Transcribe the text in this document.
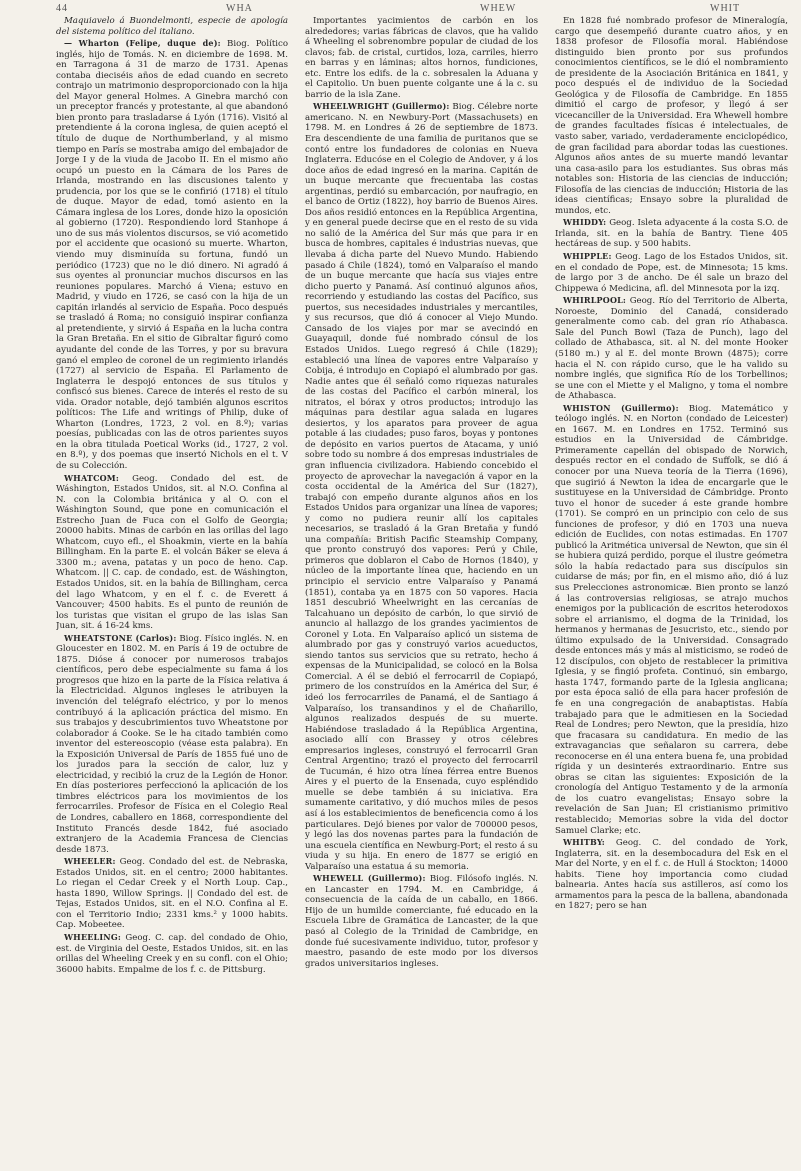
44	WHA	WHEW	WHIT

Maquiavelo á Buondelmonti, especie de apología del sistema político del italiano.

— Wharton (Felipe, duque de): Biog. Político inglés, hijo de Tomás. N. en diciembre de 1698. M. en Tarragona á 31 de marzo de 1731. Apenas contaba dieciséis años de edad cuando en secreto contrajo un matrimonio desproporcionado con la hija del Mayor general Holmes. A Ginebra marchó con un preceptor francés y protestante, al que abandonó bien pronto para trasladarse á Lyón (1716). Visitó al pretendiente á la corona inglesa, de quien aceptó el título de duque de Northumberland, y al mismo tiempo en París se mostraba amigo del embajador de Jorge I y de la viuda de Jacobo II. En el mismo año ocupó un puesto en la Cámara de los Pares de Irlanda, mostrando en las discusiones talento y prudencia, por los que se le confirió (1718) el título de duque. Mayor de edad, tomó asiento en la Cámara inglesa de los Lores, donde hizo la oposición al gobierno (1720). Respondiendo lord Stanhope á uno de sus más violentos discursos, se vió acometido por el accidente que ocasionó su muerte. Wharton, viendo muy disminuída su fortuna, fundó un periódico (1723) que no le dió dinero. Ni agradó á sus oyentes al pronunciar muchos discursos en las reuniones populares. Marchó á Viena; estuvo en Madrid, y viudo en 1726, se casó con la hija de un capitán irlandés al servicio de España. Poco después se trasladó á Roma; no consiguió inspirar confianza al pretendiente, y sirvió á España en la lucha contra la Gran Bretaña. En el sitio de Gibraltar figuró como ayudante del conde de las Torres, y por su bravura ganó el empleo de coronel de un regimiento irlandés (1727) al servicio de España. El Parlamento de Inglaterra le despojó entonces de sus títulos y confiscó sus bienes. Carece de interés el resto de su vida. Orador notable, dejó también algunos escritos políticos: The Life and writings of Philip, duke of Wharton (Londres, 1723, 2 vol. en 8.º); varias poesías, publicadas con las de otros parientes suyos en la obra titulada Poetical Works (id., 1727, 2 vol. en 8.º), y dos poemas que insertó Nichols en el t. V de su Colección.

WHATCOM: Geog. Condado del est. de Wáshington, Estados Unidos, sit. al N.O. Confina al N. con la Colombia británica y al O. con el Wáshington Sound, que pone en comunicación el Estrecho Juan de Fuca con el Golfo de Georgia; 20000 habits. Minas de carbón en las orillas del lago Whatcom, cuyo efl., el Shoakmin, vierte en la bahía Billingham. En la parte E. el volcán Báker se eleva á 3300 m.; avena, patatas y un poco de heno. Cap. Whatcom. || C. cap. de condado, est. de Wáshington, Estados Unidos, sit. en la bahía de Billingham, cerca del lago Whatcom, y en el f. c. de Everett á Vancouver; 4500 habits. Es el punto de reunión de los turistas que visitan el grupo de las islas San Juan, sit. á 16-24 kms.

WHEATSTONE (Carlos): Biog. Físico inglés. N. en Gloucester en 1802. M. en París á 19 de octubre de 1875. Dióse á conocer por numerosos trabajos científicos, pero debe especialmente su fama á los progresos que hizo en la parte de la Física relativa á la Electricidad. Algunos ingleses le atribuyen la invención del telégrafo eléctrico, y por lo menos contribuyó á la aplicación práctica del mismo. En sus trabajos y descubrimientos tuvo Wheatstone por colaborador á Cooke. Se le ha citado también como inventor del estereoscopio (véase esta palabra). En la Exposición Universal de París de 1855 fué uno de los jurados para la sección de calor, luz y electricidad, y recibió la cruz de la Legión de Honor. En días posteriores perfeccionó la aplicación de los timbres eléctricos para los movimientos de los ferrocarriles. Profesor de Física en el Colegio Real de Londres, caballero en 1868, correspondiente del Instituto Francés desde 1842, fué asociado extranjero de la Academia Francesa de Ciencias desde 1873.

WHEELER: Geog. Condado del est. de Nebraska, Estados Unidos, sit. en el centro; 2000 habitantes. Lo riegan el Cedar Creek y el North Loup. Cap., hasta 1890, Willow Springs. || Condado del est. de Tejas, Estados Unidos, sit. en el N.O. Confina al E. con el Territorio Indio; 2331 kms.² y 1000 habits. Cap. Mobeetee.

WHEELING: Geog. C. cap. del condado de Ohio, est. de Virginia del Oeste, Estados Unidos, sit. en las orillas del Wheeling Creek y en su confl. con el Ohio; 36000 habits. Empalme de los f. c. de Pittsburg.

Importantes yacimientos de carbón en los alrededores; varias fábricas de clavos, que ha valido á Wheeling el sobrenombre popular de ciudad de los clavos; fab. de cristal, curtidos, loza, carriles, hierro en barras y en láminas; altos hornos, fundiciones, etc. Entre los edifs. de la c. sobresalen la Aduana y el Capitolio. Un buen puente colgante une á la c. su barrio de la isla Zane.

WHEELWRIGHT (Guillermo): Biog. Célebre norte americano. N. en Newbury-Port (Massachusets) en 1798. M. en Londres á 26 de septiembre de 1873. Era descendiente de una familia de puritanos que se contó entre los fundadores de colonias en Nueva Inglaterra. Educóse en el Colegio de Andover, y á los doce años de edad ingresó en la marina. Capitán de un buque mercante que frecuentaba las costas argentinas, perdió su embarcación, por naufragio, en el banco de Ortiz (1822), hoy barrio de Buenos Aires. Dos años residió entonces en la República Argentina, y en general puede decirse que en el resto de su vida no salió de la América del Sur más que para ir en busca de hombres, capitales é industrias nuevas, que llevaba á dicha parte del Nuevo Mundo. Habiendo pasado á Chile (1824), tomó en Valparaíso el mando de un buque mercante que hacía sus viajes entre dicho puerto y Panamá. Así continuó algunos años, recorriendo y estudiando las costas del Pacífico, sus puertos, sus necesidades industriales y mercantiles, y sus recursos, que dió á conocer al Viejo Mundo. Cansado de los viajes por mar se avecindó en Guayaquil, donde fué nombrado cónsul de los Estados Unidos. Luego regresó á Chile (1829); estableció una línea de vapores entre Valparaíso y Cobija, é introdujo en Copiapó el alumbrado por gas. Nadie antes que él señaló como riquezas naturales de las costas del Pacífico el carbón mineral, los nitratos, el bórax y otros productos; introdujo las máquinas para destilar agua salada en lugares desiertos, y los aparatos para proveer de agua potable á las ciudades; puso faros, boyas y pontones de depósito en varios puertos de Atacama, y unió sobre todo su nombre á dos empresas industriales de gran influencia civilizadora. Habiendo concebido el proyecto de aprovechar la navegación á vapor en la costa occidental de la América del Sur (1827), trabajó con empeño durante algunos años en los Estados Unidos para organizar una línea de vapores; y como no pudiera reunir allí los capitales necesarios, se trasladó á la Gran Bretaña y fundó una compañía: British Pacific Steamship Company, que pronto construyó dos vapores: Perú y Chile, primeros que doblaron el Cabo de Hornos (1840), y núcleo de la importante línea que, haciendo en un principio el servicio entre Valparaíso y Panamá (1851), contaba ya en 1875 con 50 vapores. Hacia 1851 descubrió Wheelwright en las cercanías de Talcahuano un depósito de carbón, lo que sirvió de anuncio al hallazgo de los grandes yacimientos de Coronel y Lota. En Valparaíso aplicó un sistema de alumbrado por gas y construyó varios acueductos, siendo tantos sus servicios que su retrato, hecho á expensas de la Municipalidad, se colocó en la Bolsa Comercial. A él se debió el ferrocarril de Copiapó, primero de los construídos en la América del Sur, é ideó los ferrocarriles de Panamá, el de Santiago á Valparaíso, los transandinos y el de Chañarillo, algunos realizados después de su muerte. Habiéndose trasladado á la República Argentina, asociado allí con Brassey y otros célebres empresarios ingleses, construyó el ferrocarril Gran Central Argentino; trazó el proyecto del ferrocarril de Tucumán, é hizo otra línea férrea entre Buenos Aires y el puerto de la Ensenada, cuyo espléndido muelle se debe también á su iniciativa. Era sumamente caritativo, y dió muchos miles de pesos así á los establecimientos de beneficencia como á los particulares. Dejó bienes por valor de 700000 pesos, y legó las dos novenas partes para la fundación de una escuela científica en Newburg-Port; el resto á su viuda y su hija. En enero de 1877 se erigió en Valparaíso una estatua á su memoria.

WHEWELL (Guillermo): Biog. Filósofo inglés. N. en Lancaster en 1794. M. en Cambridge, á consecuencia de la caída de un caballo, en 1866. Hijo de un humilde comerciante, fué educado en la Escuela Libre de Gramática de Lancaster, de la que pasó al Colegio de la Trinidad de Cambridge, en donde fué sucesivamente individuo, tutor, profesor y maestro, pasando de este modo por los diversos grados universitarios ingleses.

En 1828 fué nombrado profesor de Mineralogía, cargo que desempeñó durante cuatro años, y en 1838 profesor de Filosofía moral. Habiéndose distinguido bien pronto por sus profundos conocimientos científicos, se le dió el nombramiento de presidente de la Asociación Británica en 1841, y poco después el de individuo de la Sociedad Geológica y de Filosofía de Cambridge. En 1855 dimitió el cargo de profesor, y llegó á ser vicecanciller de la Universidad. Era Whewell hombre de grandes facultades físicas é intelectuales, de vasto saber, variado, verdaderamente enciclopédico, de gran facilidad para abordar todas las cuestiones. Algunos años antes de su muerte mandó levantar una casa-asilo para los estudiantes. Sus obras más notables son: Historia de las ciencias de inducción; Filosofía de las ciencias de inducción; Historia de las ideas científicas; Ensayo sobre la pluralidad de mundos, etc.

WHIDDY: Geog. Isleta adyacente á la costa S.O. de Irlanda, sit. en la bahía de Bantry. Tiene 405 hectáreas de sup. y 500 habits.

WHIPPLE: Geog. Lago de los Estados Unidos, sit. en el condado de Pope, est. de Minnesota; 15 kms. de largo por 3 de ancho. De él sale un brazo del Chippewa ó Medicina, afl. del Minnesota por la izq.

WHIRLPOOL: Geog. Río del Territorio de Alberta, Noroeste, Dominio del Canadá, considerado generalmente como cab. del gran río Athabasca. Sale del Punch Bowl (Taza de Punch), lago del collado de Athabasca, sit. al N. del monte Hooker (5180 m.) y al E. del monte Brown (4875); corre hacia el N. con rápido curso, que le ha valido su nombre inglés, que significa Río de los Torbellinos; se une con el Miette y el Maligno, y toma el nombre de Athabasca.

WHISTON (Guillermo): Biog. Matemático y teólogo inglés. N. en Norton (condado de Leicester) en 1667. M. en Londres en 1752. Terminó sus estudios en la Universidad de Cámbridge. Primeramente capellán del obispado de Norwich, después rector en el condado de Suffolk, se dió á conocer por una Nueva teoría de la Tierra (1696), que sugirió á Newton la idea de encargarle que le sustituyese en la Universidad de Cámbridge. Pronto tuvo el honor de suceder á este grande hombre (1701). Se compró en un principio con celo de sus funciones de profesor, y dió en 1703 una nueva edición de Euclides, con notas estimadas. En 1707 publicó la Aritmética universal de Newton, que sin él se hubiera quizá perdido, porque el ilustre geómetra sólo la había redactado para sus discípulos sin cuidarse de más; por fin, en el mismo año, dió á luz sus Prelecciones astronomicæ. Bien pronto se lanzó á las controversias religiosas, se atrajo muchos enemigos por la publicación de escritos heterodoxos sobre el arrianismo, el dogma de la Trinidad, los hermanos y hermanas de Jesucristo, etc., siendo por último expulsado de la Universidad. Consagrado desde entonces más y más al misticismo, se rodeó de 12 discípulos, con objeto de restablecer la primitiva Iglesia, y se fingió profeta. Continuó, sin embargo, hasta 1747, formando parte de la Iglesia anglicana; por esta época salió de ella para hacer profesión de fe en una congregación de anabaptistas. Había trabajado para que le admitiesen en la Sociedad Real de Londres; pero Newton, que la presidía, hizo que fracasara su candidatura. En medio de las extravagancias que señalaron su carrera, debe reconocerse en él una entera buena fe, una probidad rígida y un desinterés extraordinario. Entre sus obras se citan las siguientes: Exposición de la cronología del Antiguo Testamento y de la armonía de los cuatro evangelistas; Ensayo sobre la revelación de San Juan; El cristianismo primitivo restablecido; Memorias sobre la vida del doctor Samuel Clarke; etc.

WHITBY: Geog. C. del condado de York, Inglaterra, sit. en la desembocadura del Esk en el Mar del Norte, y en el f. c. de Hull á Stockton; 14000 habits. Tiene hoy importancia como ciudad balnearia. Antes hacía sus astilleros, así como los armamentos para la pesca de la ballena, abandonada en 1827; pero se han
